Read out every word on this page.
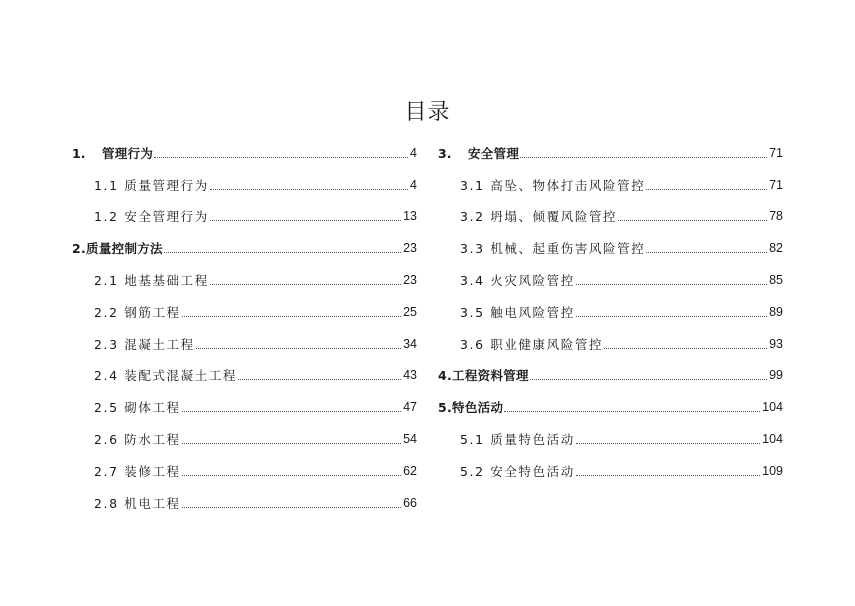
目录
1. 管理行为	4
1.1 质量管理行为	4
1.2 安全管理行为	13
2.质量控制方法	23
2.1 地基基础工程	23
2.2 钢筋工程	25
2.3 混凝土工程	34
2.4 装配式混凝土工程	43
2.5 砌体工程	47
2.6 防水工程	54
2.7 装修工程	62
2.8 机电工程	66
3. 安全管理	71
3.1 高坠、物体打击风险管控	71
3.2 坍塌、倾覆风险管控	78
3.3 机械、起重伤害风险管控	82
3.4 火灾风险管控	85
3.5 触电风险管控	89
3.6 职业健康风险管控	93
4.工程资料管理	99
5.特色活动	104
5.1 质量特色活动	104
5.2 安全特色活动	109
